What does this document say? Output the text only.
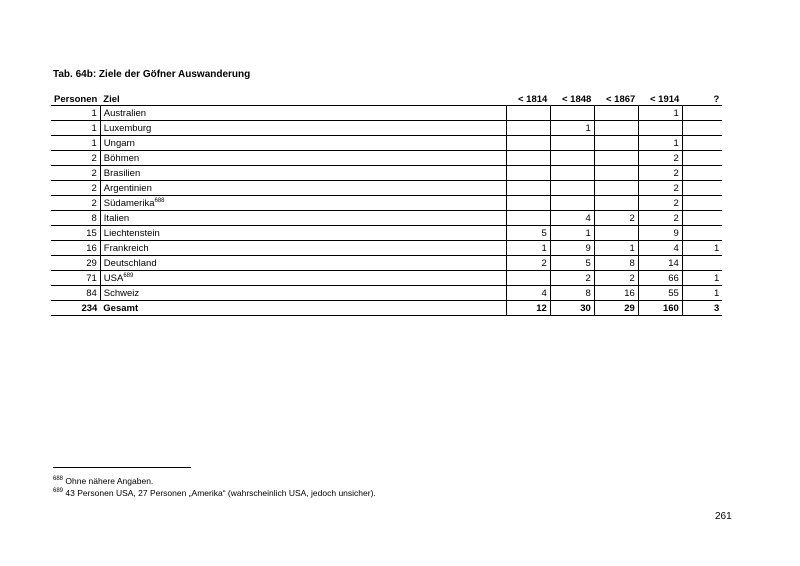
Tab. 64b: Ziele der Göfner Auswanderung
Personen	Ziel	< 1814	< 1848	< 1867	< 1914	?
1	Australien				1	
1	Luxemburg		1			
1	Ungarn				1	
2	Böhmen				2	
2	Brasilien				2	
2	Argentinien				2	
2	Südamerika$^{688}$				2	
8	Italien		4	2	2	
15	Liechtenstein	5	1		9	
16	Frankreich	1	9	1	4	1
29	Deutschland	2	5	8	14	
71	USA$^{689}$		2	2	66	1
84	Schweiz	4	8	16	55	1
234	Gesamt	12	30	29	160	3
$^{688}$ Ohne nähere Angaben.
$^{689}$ 43 Personen USA, 27 Personen „Amerika“ (wahrscheinlich USA, jedoch unsicher).
261
